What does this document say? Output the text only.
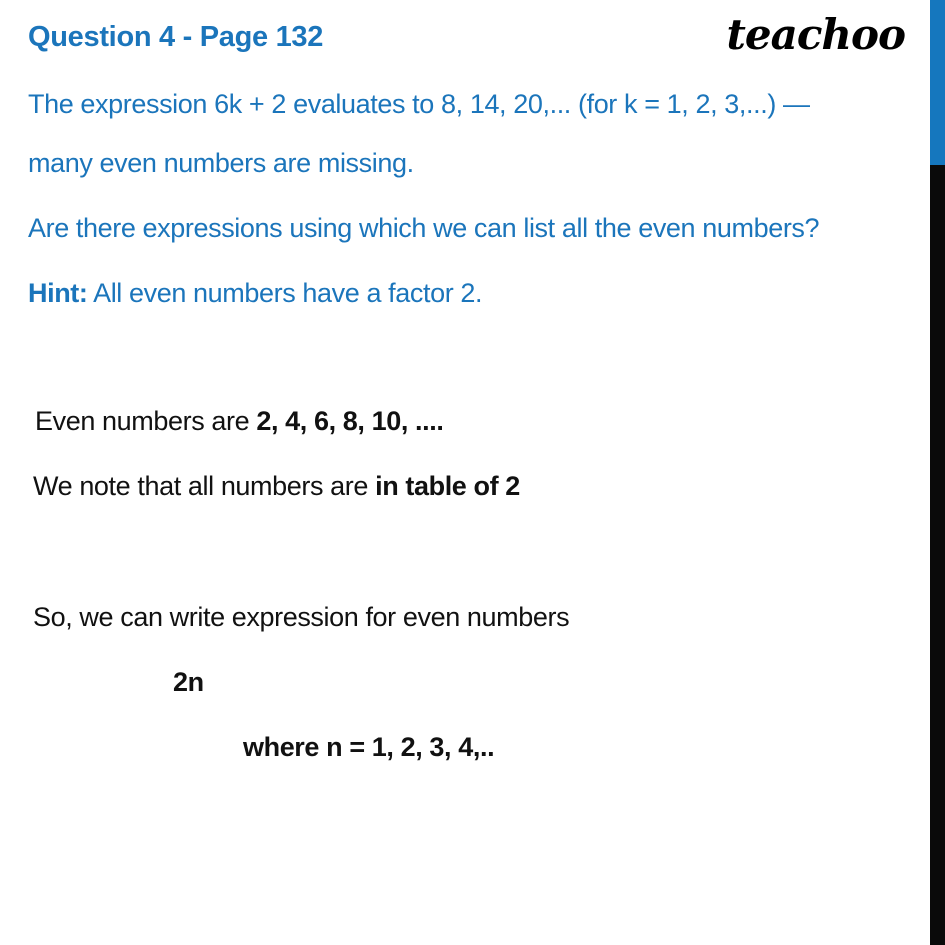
Question 4 - Page 132	teachoo
The expression 6k + 2 evaluates to 8, 14, 20,... (for k = 1, 2, 3,...) —
many even numbers are missing.
Are there expressions using which we can list all the even numbers?
Hint: All even numbers have a factor 2.
Even numbers are 2, 4, 6, 8, 10, ....
We note that all numbers are in table of 2
So, we can write expression for even numbers
2n
where n = 1, 2, 3, 4,..
